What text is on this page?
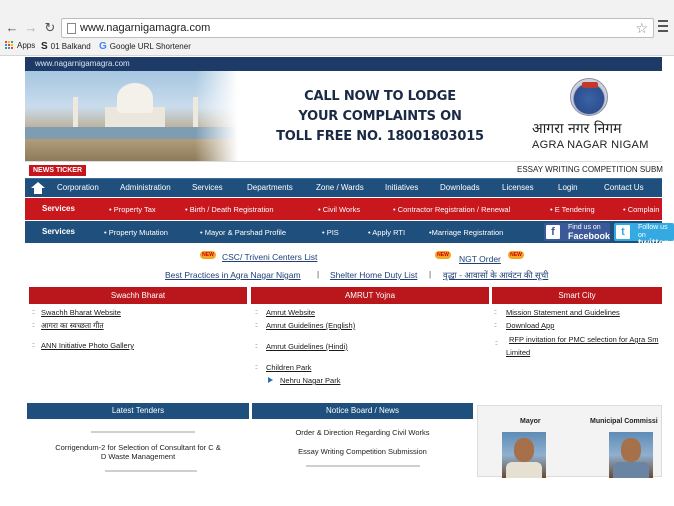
← → ↻ www.nagarnigamagra.com	☆
Apps S 01 Balkand G Google URL Shortener
www.nagarnigamagra.com
CALL NOW TO LODGE
YOUR COMPLAINTS ON
TOLL FREE NO. 18001803015	आगरा नगर निगम
AGRA NAGAR NIGAM
NEWS TICKER	ESSAY WRITING COMPETITION SUBM
Corporation	Administration	Services	Departments	Zone / Wards	Initiatives	Downloads	Licenses	Login	Contact Us
Services	• Property Tax	• Birth / Death Registration	• Civil Works	• Contractor Registration / Renewal	• E Tendering	• Complain
Services	• Property Mutation	• Mayor & Parshad Profile	• PIS	• Apply RTI	•Marriage Registration	f	Find us on
Facebook	t	Follow us on
twitter
NEW CSC/ Triveni Centers List	NEW NGT Order	NEW
Best Practices in Agra Nagar Nigam | Shelter Home Duty List | वृद्धा - आवासों के आवंटन की सूची
Swachh Bharat	AMRUT Yojna	Smart City
:: Swachh Bharat Website
:: आगरा का स्वच्छता गीत
:: ANN Initiative Photo Gallery
:: Amrut Website
:: Amrut Guidelines (English)
:: Amrut Guidelines (Hindi)
:: Children Park
Nehru Nagar Park
:: Mission Statement and Guidelines
:: Download App
:: RFP invitation for PMC selection for Agra Sm
Limited
Latest Tenders
Corrigendum-2 for Selection of Consultant for C &
D Waste Management
Notice Board / News
Order & Direction Regarding Civil Works
Essay Writing Competition Submission
Mayor	Municipal Commissi
